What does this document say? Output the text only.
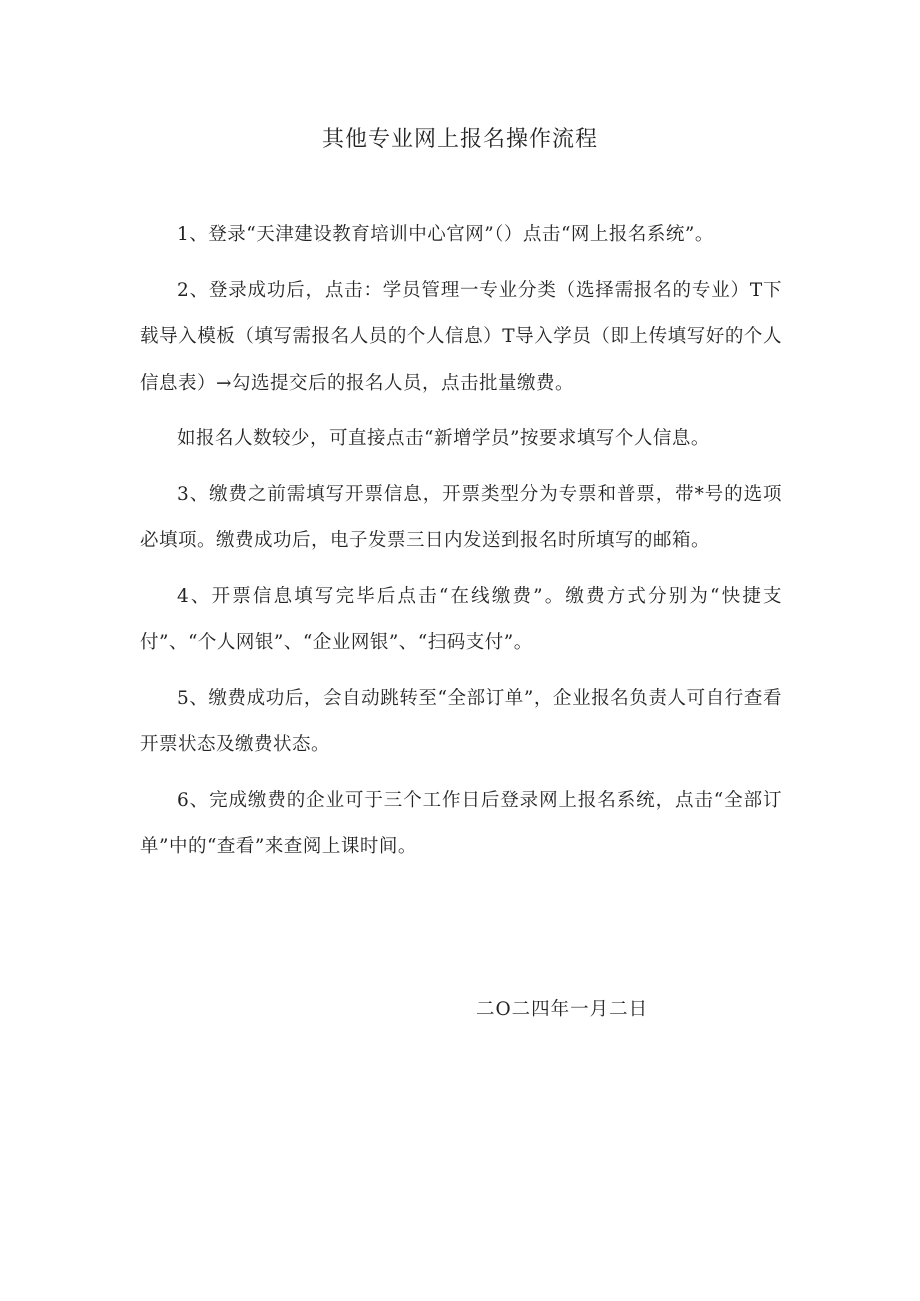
其他专业网上报名操作流程

1、登录“天津建设教育培训中心官网”（）点击“网上报名系统”。

2、登录成功后，点击：学员管理一专业分类（选择需报名的专业）T下载导入模板（填写需报名人员的个人信息）T导入学员（即上传填写好的个人信息表）→勾选提交后的报名人员，点击批量缴费。

如报名人数较少，可直接点击“新增学员”按要求填写个人信息。

3、缴费之前需填写开票信息，开票类型分为专票和普票，带*号的选项必填项。缴费成功后，电子发票三日内发送到报名时所填写的邮箱。

4、开票信息填写完毕后点击“在线缴费”。缴费方式分别为“快捷支付”、“个人网银”、“企业网银”、“扫码支付”。

5、缴费成功后，会自动跳转至“全部订单”，企业报名负责人可自行查看开票状态及缴费状态。

6、完成缴费的企业可于三个工作日后登录网上报名系统，点击“全部订单”中的“查看”来查阅上课时间。

二O二四年一月二日
